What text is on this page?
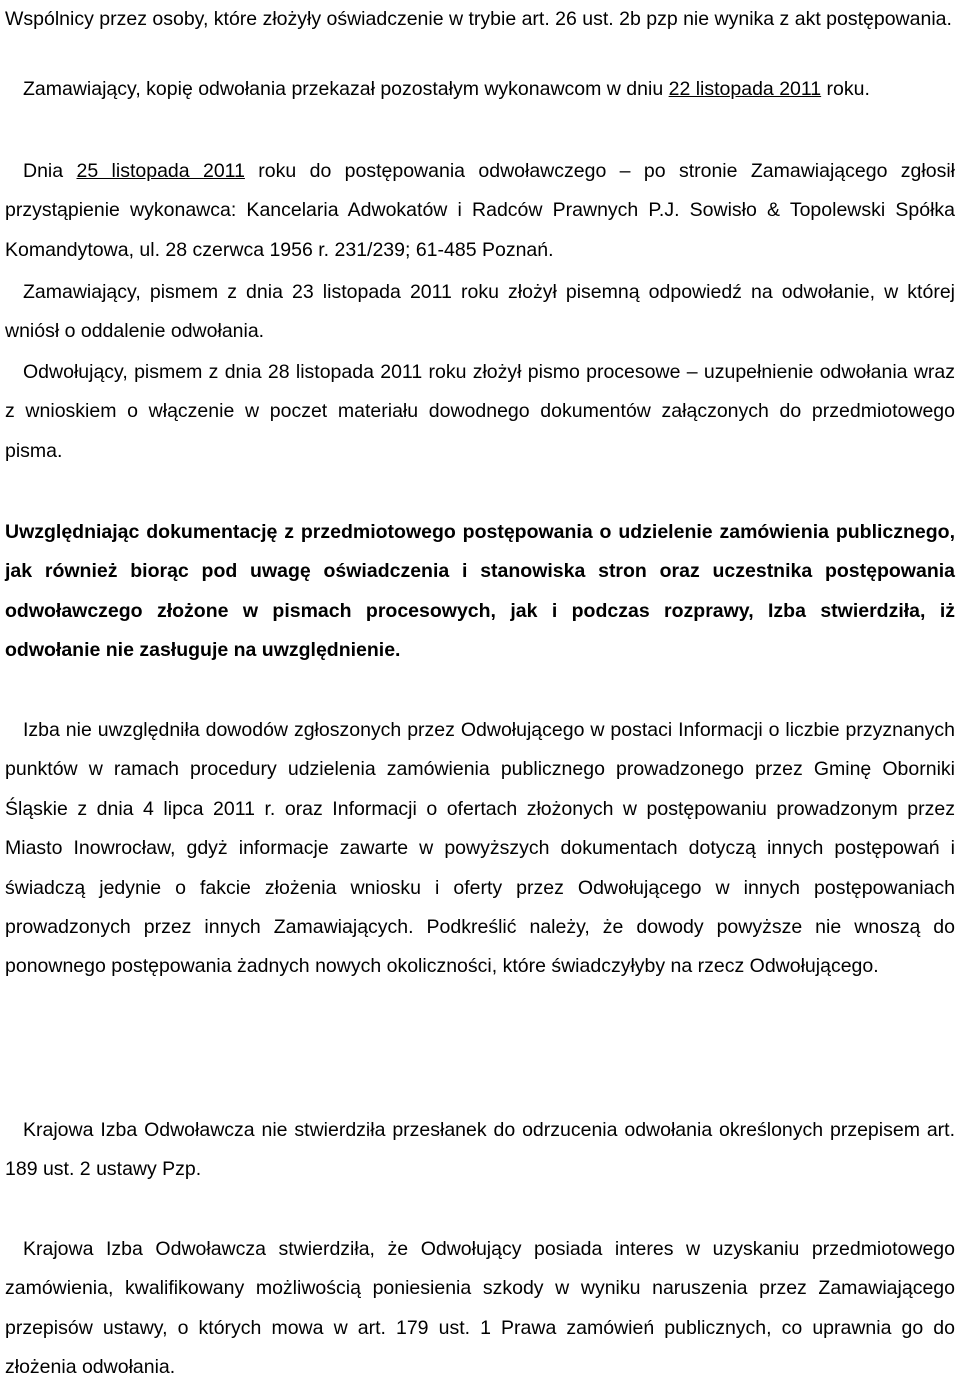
Wspólnicy przez osoby, które złożyły oświadczenie w trybie art. 26 ust. 2b pzp nie wynika z akt postępowania.

Zamawiający, kopię odwołania przekazał pozostałym wykonawcom w dniu 22 listopada 2011 roku.

Dnia 25 listopada 2011 roku do postępowania odwoławczego – po stronie Zamawiającego zgłosił przystąpienie wykonawca: Kancelaria Adwokatów i Radców Prawnych P.J. Sowisło & Topolewski Spółka Komandytowa, ul. 28 czerwca 1956 r. 231/239; 61-485 Poznań.

Zamawiający, pismem z dnia 23 listopada 2011 roku złożył pisemną odpowiedź na odwołanie, w której wniósł o oddalenie odwołania.

Odwołujący, pismem z dnia 28 listopada 2011 roku złożył pismo procesowe – uzupełnienie odwołania wraz z wnioskiem o włączenie w poczet materiału dowodnego dokumentów załączonych do przedmiotowego pisma.

Uwzględniając dokumentację z przedmiotowego postępowania o udzielenie zamówienia publicznego, jak również biorąc pod uwagę oświadczenia i stanowiska stron oraz uczestnika postępowania odwoławczego złożone w pismach procesowych, jak i podczas rozprawy, Izba stwierdziła, iż odwołanie nie zasługuje na uwzględnienie.

Izba nie uwzględniła dowodów zgłoszonych przez Odwołującego w postaci Informacji o liczbie przyznanych punktów w ramach procedury udzielenia zamówienia publicznego prowadzonego przez Gminę Oborniki Śląskie z dnia 4 lipca 2011 r. oraz Informacji o ofertach złożonych w postępowaniu prowadzonym przez Miasto Inowrocław, gdyż informacje zawarte w powyższych dokumentach dotyczą innych postępowań i świadczą jedynie o fakcie złożenia wniosku i oferty przez Odwołującego w innych postępowaniach prowadzonych przez innych Zamawiających. Podkreślić należy, że dowody powyższe nie wnoszą do ponownego postępowania żadnych nowych okoliczności, które świadczyłyby na rzecz Odwołującego.

Krajowa Izba Odwoławcza nie stwierdziła przesłanek do odrzucenia odwołania określonych przepisem art. 189 ust. 2 ustawy Pzp.

Krajowa Izba Odwoławcza stwierdziła, że Odwołujący posiada interes w uzyskaniu przedmiotowego zamówienia, kwalifikowany możliwością poniesienia szkody w wyniku naruszenia przez Zamawiającego przepisów ustawy, o których mowa w art. 179 ust. 1 Prawa zamówień publicznych, co uprawnia go do złożenia odwołania.
